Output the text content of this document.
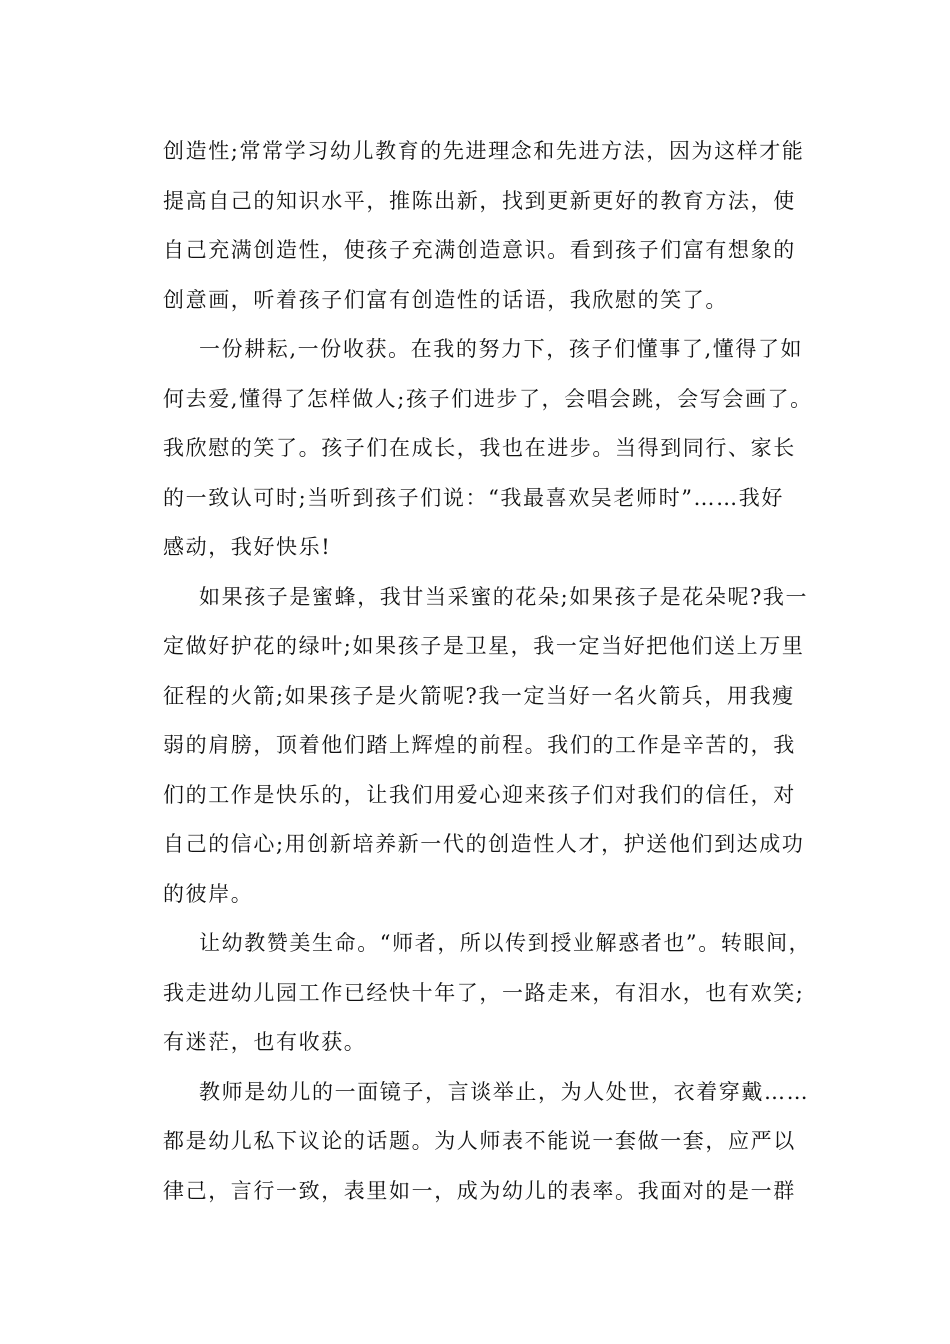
创造性;常常学习幼儿教育的先进理念和先进方法，因为这样才能
提高自己的知识水平，推陈出新，找到更新更好的教育方法，使
自己充满创造性，使孩子充满创造意识。看到孩子们富有想象的
创意画，听着孩子们富有创造性的话语，我欣慰的笑了。
一份耕耘,一份收获。在我的努力下，孩子们懂事了,懂得了如
何去爱,懂得了怎样做人;孩子们进步了，会唱会跳，会写会画了。
我欣慰的笑了。孩子们在成长，我也在进步。当得到同行、家长
的一致认可时;当听到孩子们说：“我最喜欢吴老师时”……我好
感动，我好快乐!
如果孩子是蜜蜂，我甘当采蜜的花朵;如果孩子是花朵呢?我一
定做好护花的绿叶;如果孩子是卫星，我一定当好把他们送上万里
征程的火箭;如果孩子是火箭呢?我一定当好一名火箭兵，用我瘦
弱的肩膀，顶着他们踏上辉煌的前程。我们的工作是辛苦的，我
们的工作是快乐的，让我们用爱心迎来孩子们对我们的信任，对
自己的信心;用创新培养新一代的创造性人才，护送他们到达成功
的彼岸。
让幼教赞美生命。“师者，所以传到授业解惑者也”。转眼间，
我走进幼儿园工作已经快十年了，一路走来，有泪水，也有欢笑;
有迷茫，也有收获。
教师是幼儿的一面镜子，言谈举止，为人处世，衣着穿戴……
都是幼儿私下议论的话题。为人师表不能说一套做一套，应严以
律己，言行一致，表里如一，成为幼儿的表率。我面对的是一群
